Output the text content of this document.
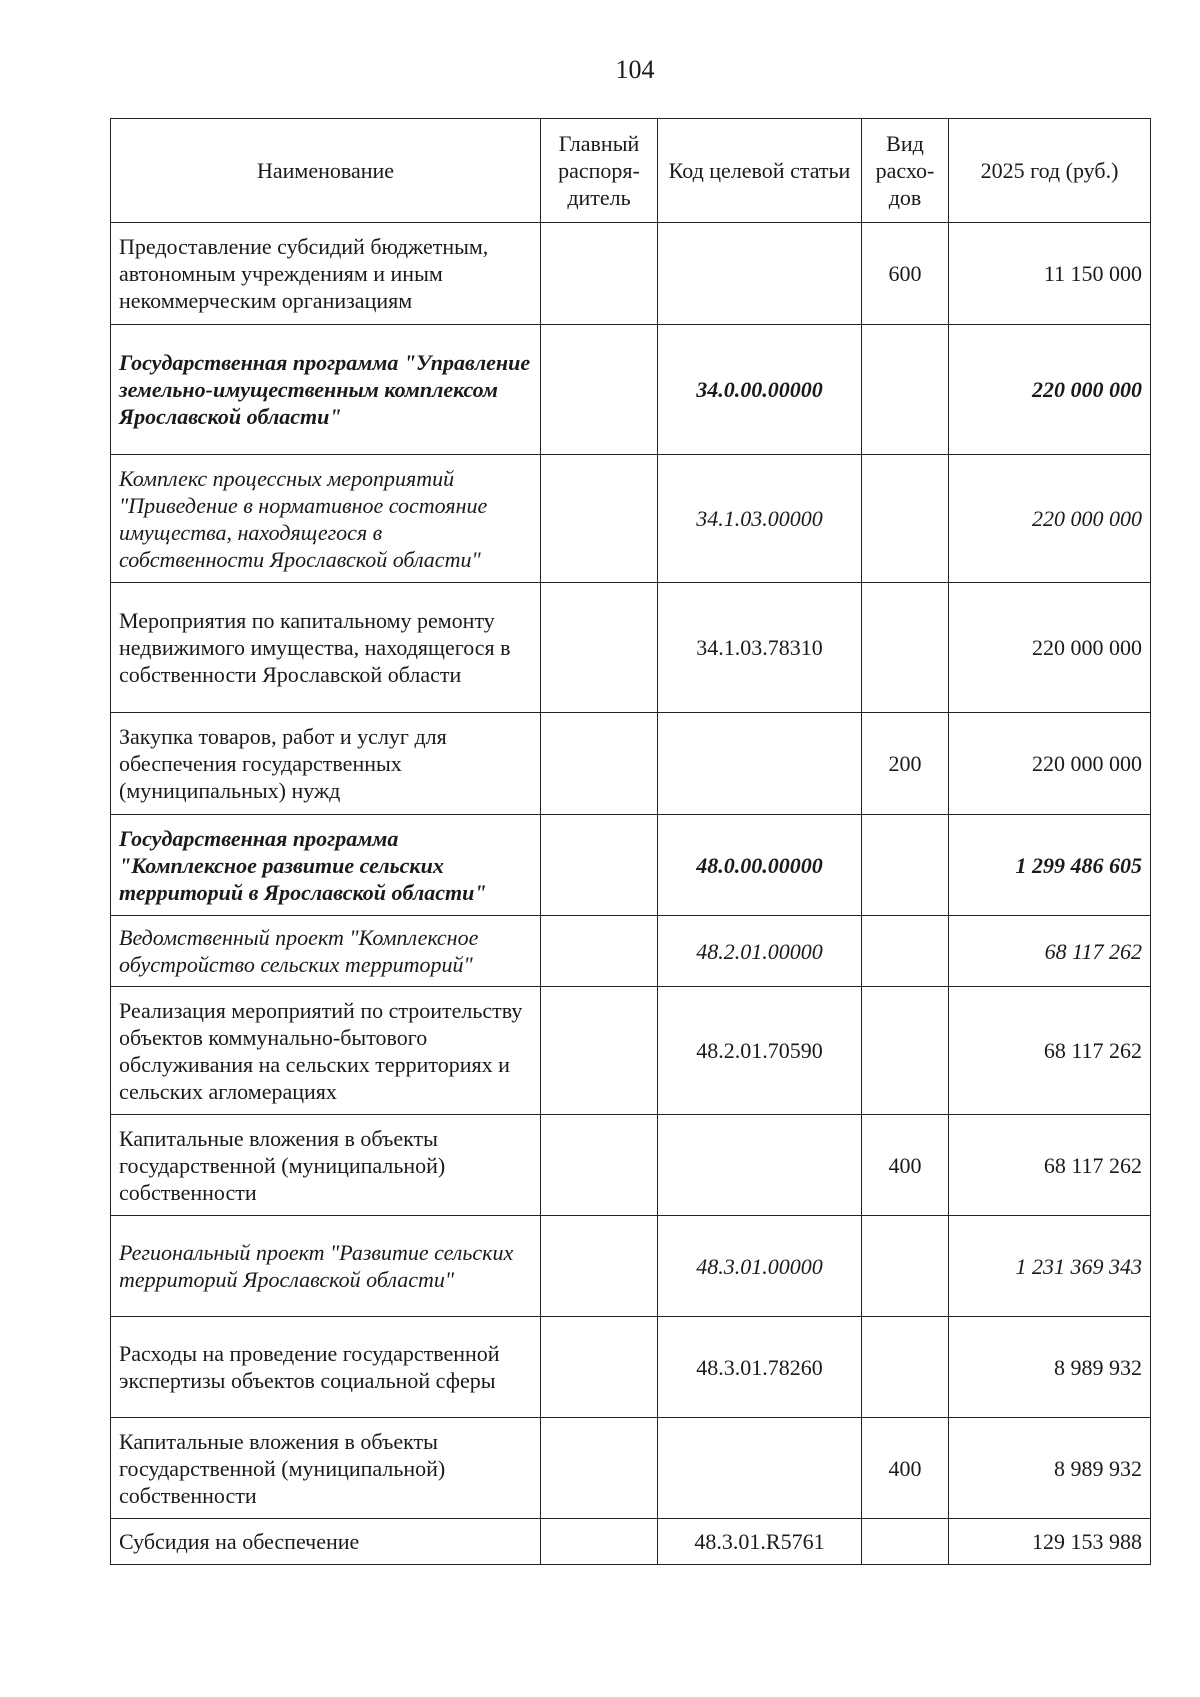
104
Наименование	Главный распоря-дитель	Код целевой статьи	Вид расхо-дов	2025 год (руб.)
Предоставление субсидий бюджетным, автономным учреждениям и иным некоммерческим организациям			600	11 150 000
Государственная программа "Управление земельно-имущественным комплексом Ярославской области"		34.0.00.00000		220 000 000
Комплекс процессных мероприятий "Приведение в нормативное состояние имущества, находящегося в собственности Ярославской области"		34.1.03.00000		220 000 000
Мероприятия по капитальному ремонту недвижимого имущества, находящегося в собственности Ярославской области		34.1.03.78310		220 000 000
Закупка товаров, работ и услуг для обеспечения государственных (муниципальных) нужд			200	220 000 000
Государственная программа "Комплексное развитие сельских территорий в Ярославской области"		48.0.00.00000		1 299 486 605
Ведомственный проект "Комплексное обустройство сельских территорий"		48.2.01.00000		68 117 262
Реализация мероприятий по строительству объектов коммунально-бытового обслуживания на сельских территориях и сельских агломерациях		48.2.01.70590		68 117 262
Капитальные вложения в объекты государственной (муниципальной) собственности			400	68 117 262
Региональный проект "Развитие сельских территорий Ярославской области"		48.3.01.00000		1 231 369 343
Расходы на проведение государственной экспертизы объектов социальной сферы		48.3.01.78260		8 989 932
Капитальные вложения в объекты государственной (муниципальной) собственности			400	8 989 932
Субсидия на обеспечение		48.3.01.R5761		129 153 988
